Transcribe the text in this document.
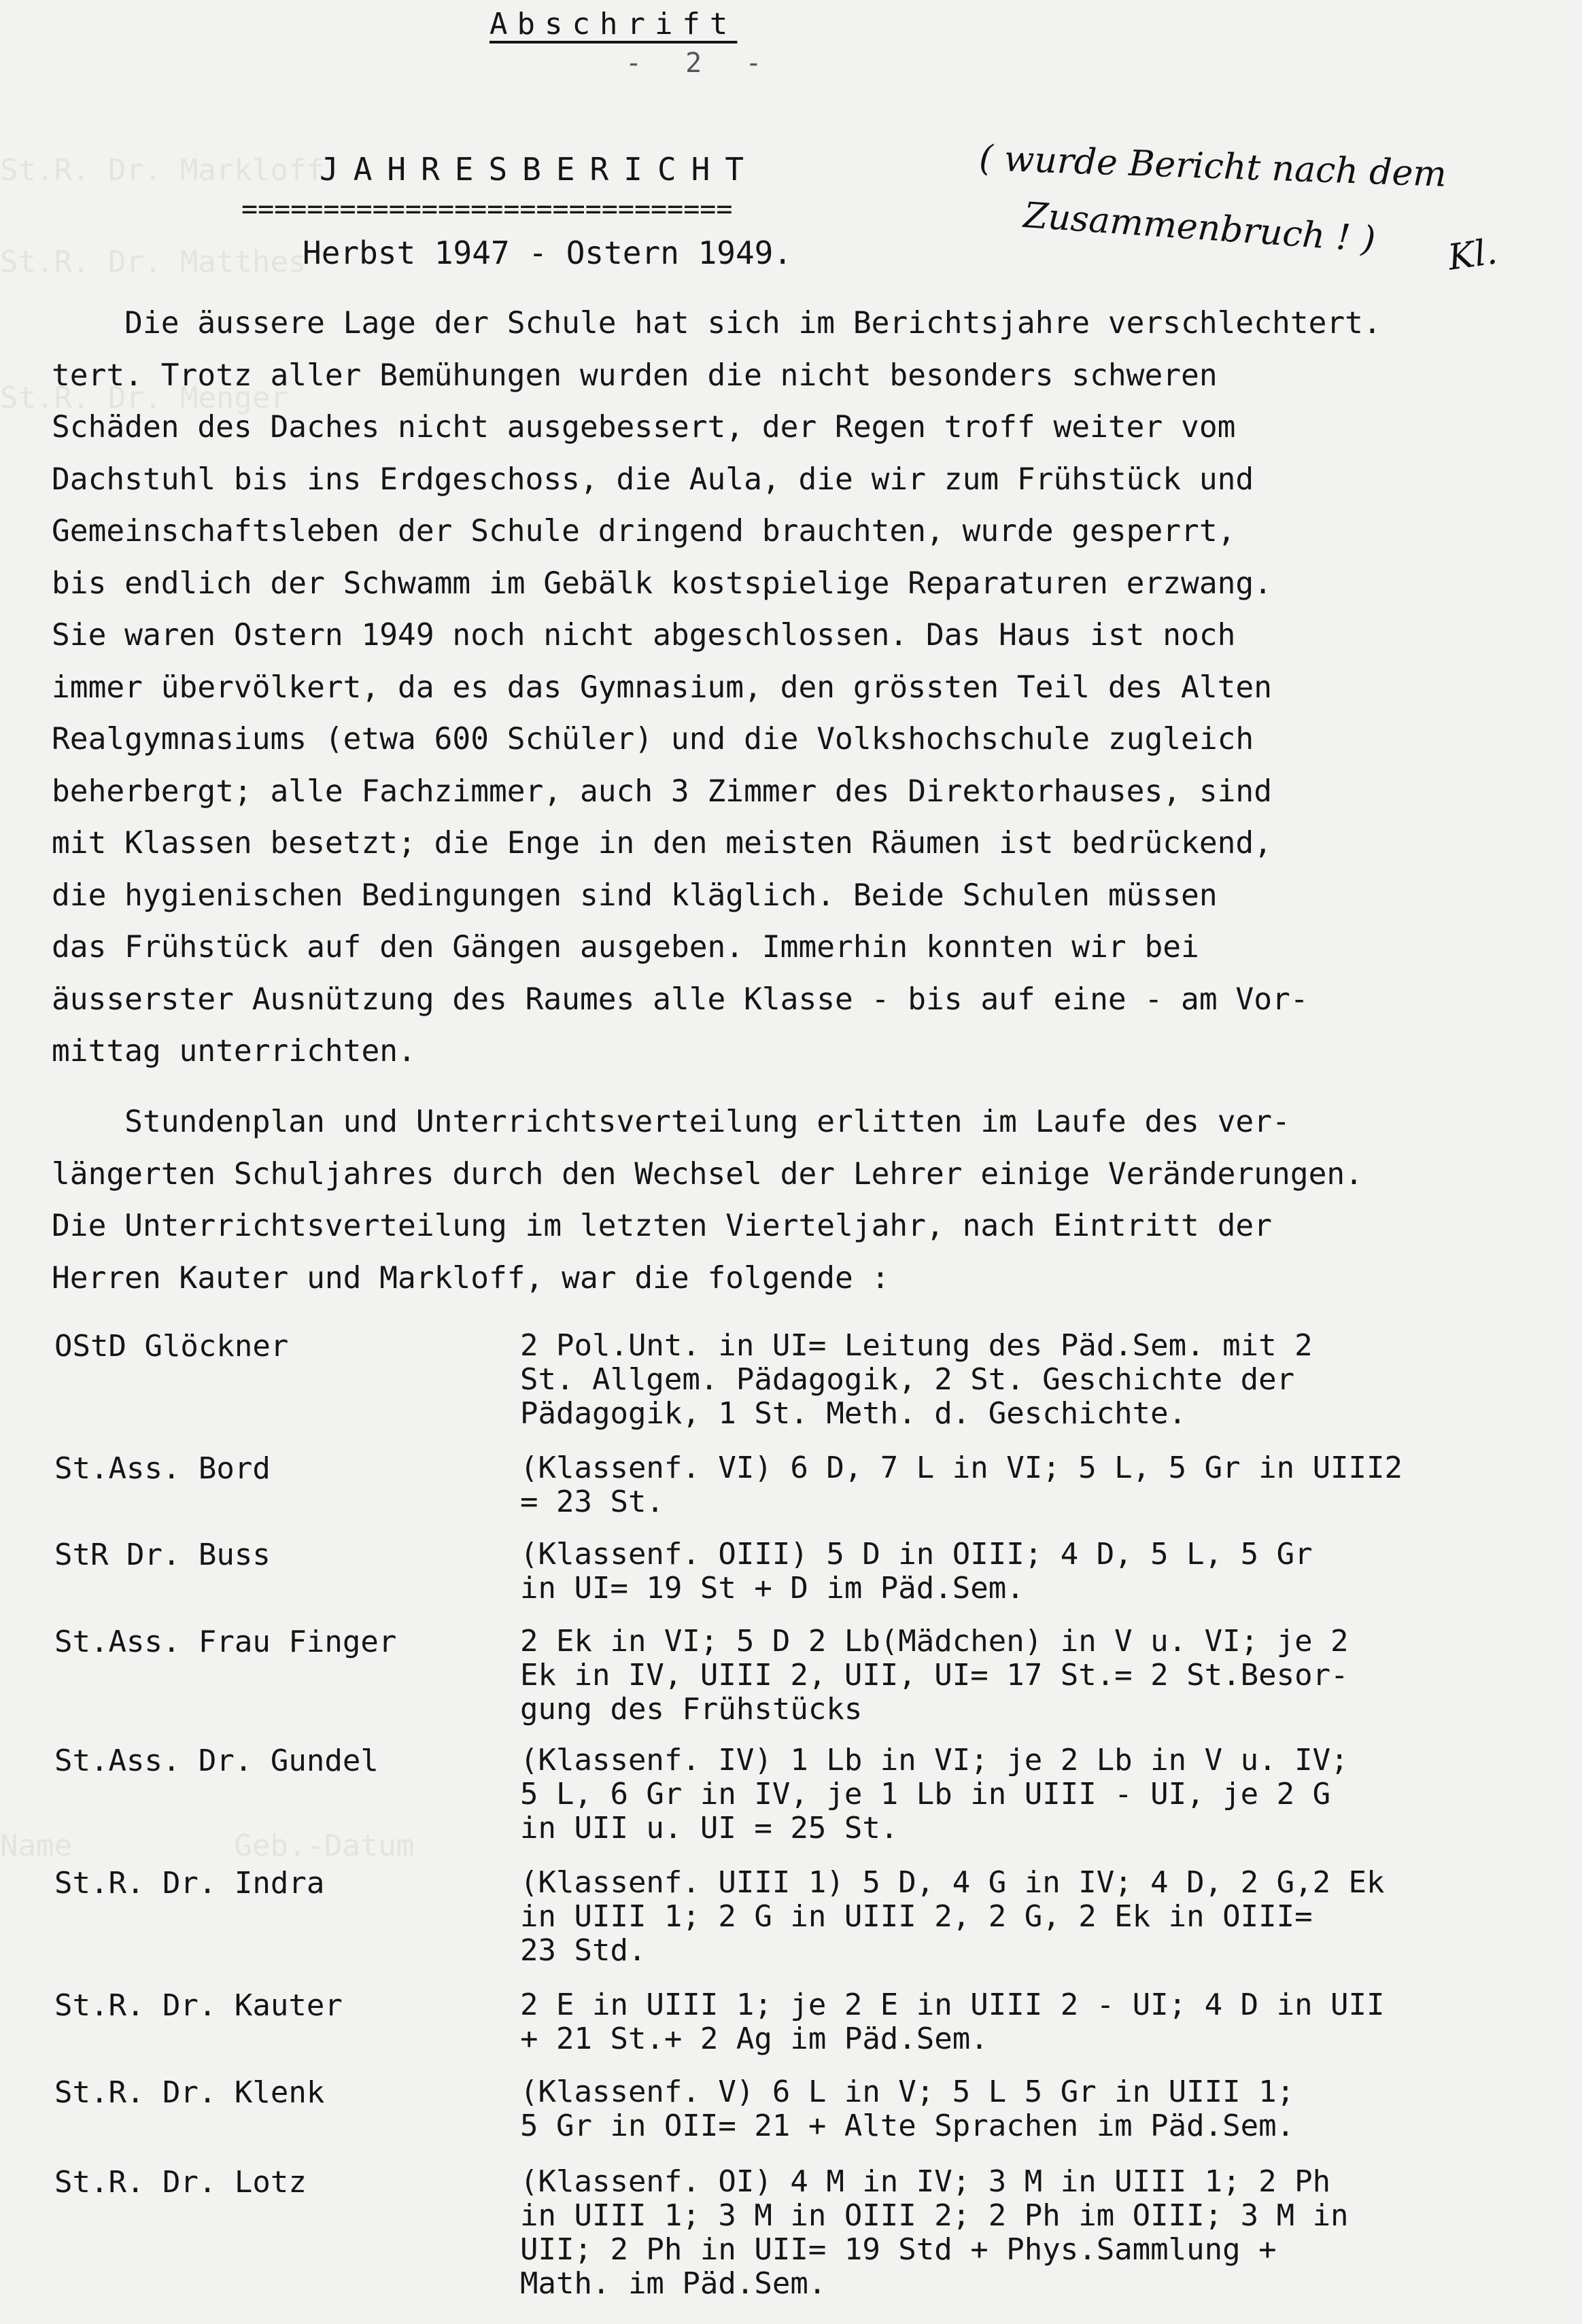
St.R. Dr. Markloff
St.R. Dr. Matthes
St.R. Dr. Menger
Name         Geb.-Datum
Abschrift
- 2 -
JAHRESBERICHT
==============================
Herbst 1947 - Ostern 1949.
( wurde Bericht nach dem
Zusammenbruch ! ) Kl.
Die äussere Lage der Schule hat sich im Berichtsjahre verschlechtert.
tert. Trotz aller Bemühungen wurden die nicht besonders schweren
Schäden des Daches nicht ausgebessert, der Regen troff weiter vom
Dachstuhl bis ins Erdgeschoss, die Aula, die wir zum Frühstück und
Gemeinschaftsleben der Schule dringend brauchten, wurde gesperrt,
bis endlich der Schwamm im Gebälk kostspielige Reparaturen erzwang.
Sie waren Ostern 1949 noch nicht abgeschlossen. Das Haus ist noch
immer übervölkert, da es das Gymnasium, den grössten Teil des Alten
Realgymnasiums (etwa 600 Schüler) und die Volkshochschule zugleich
beherbergt; alle Fachzimmer, auch 3 Zimmer des Direktorhauses, sind
mit Klassen besetzt; die Enge in den meisten Räumen ist bedrückend,
die hygienischen Bedingungen sind kläglich. Beide Schulen müssen
das Frühstück auf den Gängen ausgeben. Immerhin konnten wir bei
äusserster Ausnützung des Raumes alle Klasse - bis auf eine - am Vor-
mittag unterrichten.
Stundenplan und Unterrichtsverteilung erlitten im Laufe des ver-
längerten Schuljahres durch den Wechsel der Lehrer einige Veränderungen.
Die Unterrichtsverteilung im letzten Vierteljahr, nach Eintritt der
Herren Kauter und Markloff, war die folgende :
OStD Glöckner	2 Pol.Unt. in UI= Leitung des Päd.Sem. mit 2
St. Allgem. Pädagogik, 2 St. Geschichte der
Pädagogik, 1 St. Meth. d. Geschichte.
St.Ass. Bord	(Klassenf. VI) 6 D, 7 L in VI; 5 L, 5 Gr in UIII2
= 23 St.
StR Dr. Buss	(Klassenf. OIII) 5 D in OIII; 4 D, 5 L, 5 Gr
in UI= 19 St + D im Päd.Sem.
St.Ass. Frau Finger	2 Ek in VI; 5 D 2 Lb(Mädchen) in V u. VI; je 2
Ek in IV, UIII 2, UII, UI= 17 St.= 2 St.Besor-
gung des Frühstücks
St.Ass. Dr. Gundel	(Klassenf. IV) 1 Lb in VI; je 2 Lb in V u. IV;
5 L, 6 Gr in IV, je 1 Lb in UIII - UI, je 2 G
in UII u. UI = 25 St.
St.R. Dr. Indra	(Klassenf. UIII 1) 5 D, 4 G in IV; 4 D, 2 G,2 Ek
in UIII 1; 2 G in UIII 2, 2 G, 2 Ek in OIII=
23 Std.
St.R. Dr. Kauter	2 E in UIII 1; je 2 E in UIII 2 - UI; 4 D in UII
+ 21 St.+ 2 Ag im Päd.Sem.
St.R. Dr. Klenk	(Klassenf. V) 6 L in V; 5 L 5 Gr in UIII 1;
5 Gr in OII= 21 + Alte Sprachen im Päd.Sem.
St.R. Dr. Lotz	(Klassenf. OI) 4 M in IV; 3 M in UIII 1; 2 Ph
in UIII 1; 3 M in OIII 2; 2 Ph im OIII; 3 M in
UII; 2 Ph in UII= 19 Std + Phys.Sammlung +
Math. im Päd.Sem.
